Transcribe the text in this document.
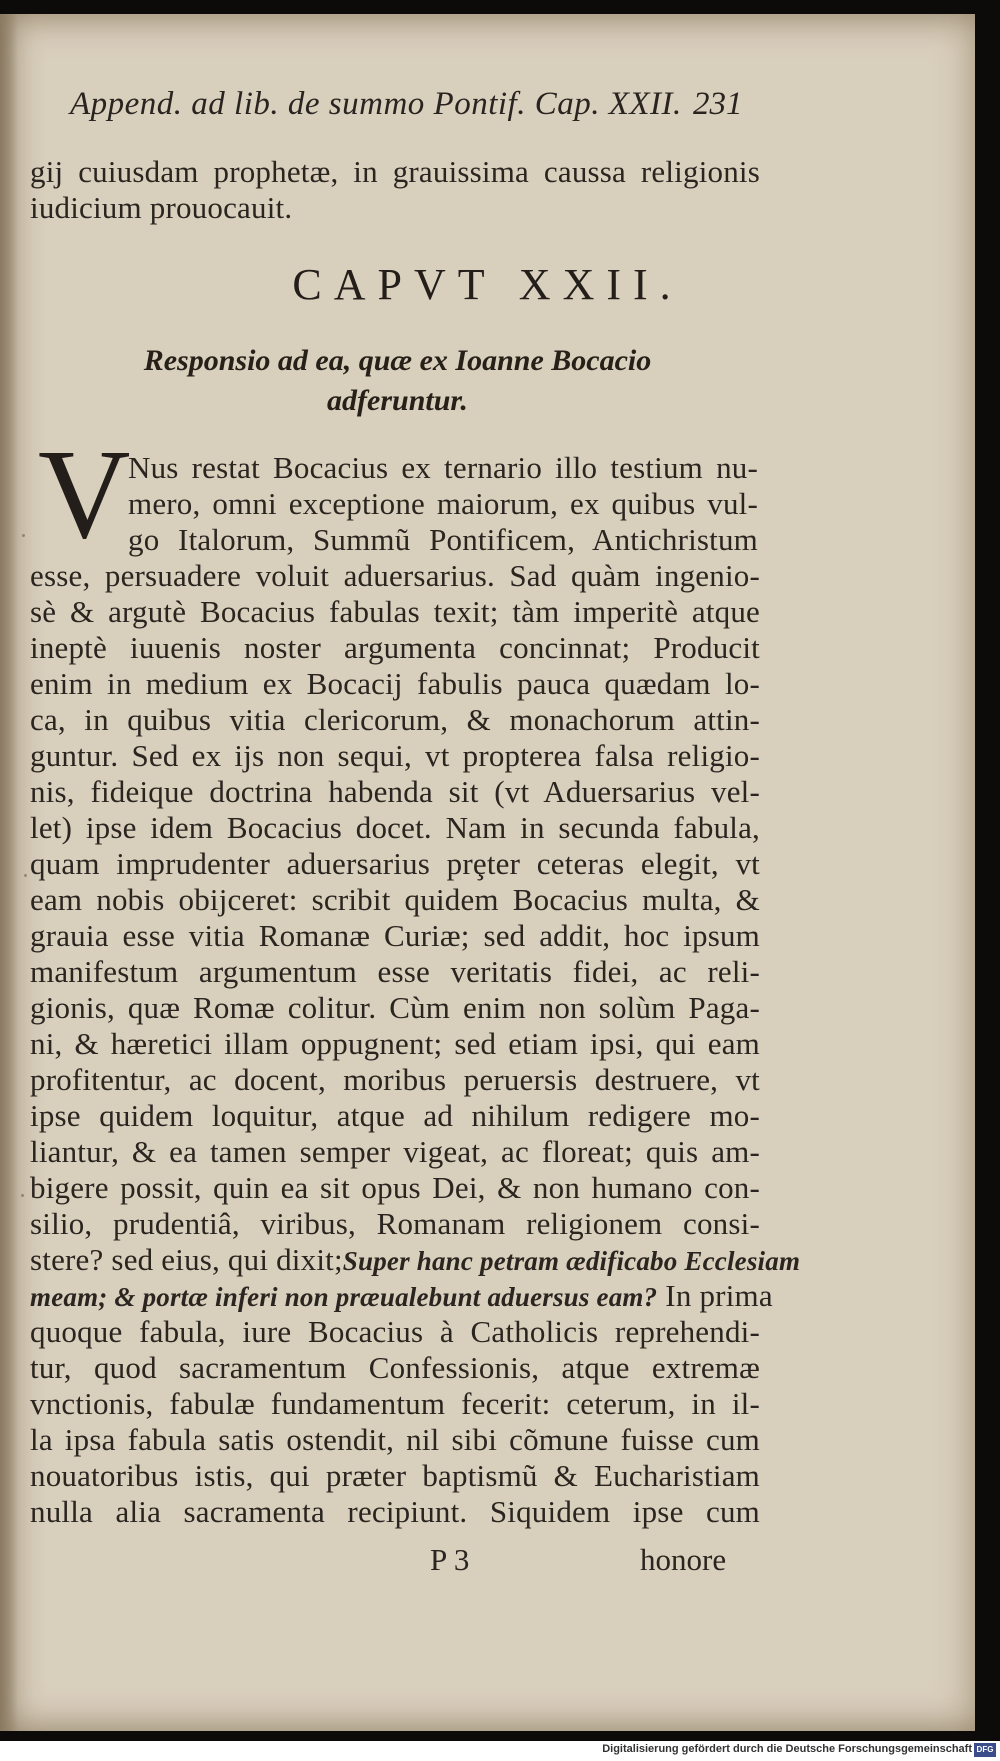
Append. ad lib. de summo Pontif. Cap. XXII. 231
gij cuiusdam prophetæ, in grauissima caussa religionis
iudicium prouocauit.
CAPVT XXII.
Responsio ad ea, quæ ex Ioanne Bocacio
adferuntur.
V
Nus restat Bocacius ex ternario illo testium nu-
mero, omni exceptione maiorum, ex quibus vul-
go Italorum, Summũ Pontificem, Antichristum
esse, persuadere voluit aduersarius. Sad quàm ingenio-
sè & argutè Bocacius fabulas texit; tàm imperitè atque
ineptè iuuenis noster argumenta concinnat; Producit
enim in medium ex Bocacij fabulis pauca quædam lo-
ca, in quibus vitia clericorum, & monachorum attin-
guntur. Sed ex ijs non sequi, vt propterea falsa religio-
nis, fideique doctrina habenda sit (vt Aduersarius vel-
let) ipse idem Bocacius docet. Nam in secunda fabula,
quam imprudenter aduersarius prȩter ceteras elegit, vt
eam nobis obijceret: scribit quidem Bocacius multa, &
grauia esse vitia Romanæ Curiæ; sed addit, hoc ipsum
manifestum argumentum esse veritatis fidei, ac reli-
gionis, quæ Romæ colitur. Cùm enim non solùm Paga-
ni, & hæretici illam oppugnent; sed etiam ipsi, qui eam
profitentur, ac docent, moribus peruersis destruere, vt
ipse quidem loquitur, atque ad nihilum redigere mo-
liantur, & ea tamen semper vigeat, ac floreat; quis am-
bigere possit, quin ea sit opus Dei, & non humano con-
silio, prudentiâ, viribus, Romanam religionem consi-
stere? sed eius, qui dixit;Super hanc petram ædificabo Ecclesiam
meam; & portæ inferi non præualebunt aduersus eam? In prima
quoque fabula, iure Bocacius à Catholicis reprehendi-
tur, quod sacramentum Confessionis, atque extremæ
vnctionis, fabulæ fundamentum fecerit: ceterum, in il-
la ipsa fabula satis ostendit, nil sibi cõmune fuisse cum
nouatoribus istis, qui præter baptismũ & Eucharistiam
nulla alia sacramenta recipiunt. Siquidem ipse cum
P 3	honore
Digitalisierung gefördert durch die Deutsche Forschungsgemeinschaft DFG
